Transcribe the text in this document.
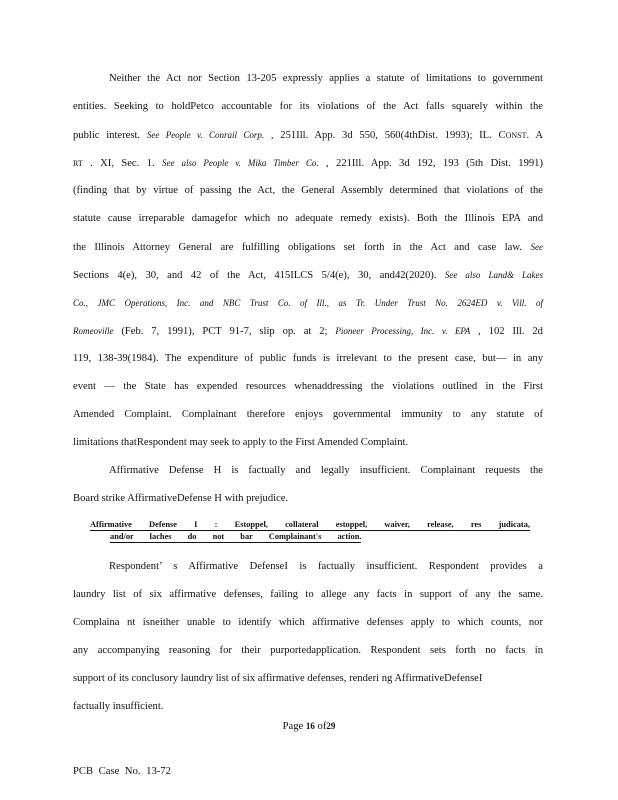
Neither the Act nor Section 13-205 expressly applies a statute of limitations to government
entities. Seeking to holdPetco accountable for its violations of the Act falls squarely within the
public interest. See People v. Conrail Corp. , 251Ill. App. 3d 550, 560(4thDist. 1993); IL. CONST. A
RT . XI, Sec. 1. See also People v. Mika Timber Co. , 221Ill. App. 3d 192, 193 (5th Dist. 1991)
(finding that by virtue of passing the Act, the General Assembly determined that violations of the
statute cause irreparable damagefor which no adequate remedy exists). Both the Illinois EPA and
the Illinois Attorney General are fulfilling obligations set forth in the Act and case law. See
Sections 4(e), 30, and 42 of the Act, 415ILCS 5/4(e), 30, and42(2020). See also Land& Lakes
Co., JMC Operations, Inc. and NBC Trust Co. of Ill., as Tr. Under Trust No. 2624ED v. Vill. of
Romeoville (Feb. 7, 1991), PCT 91-7, slip op. at 2; Pioneer Processing, Inc. v. EPA , 102 Ill. 2d
119, 138-39(1984). The expenditure of public funds is irrelevant to the present case, but— in any
event — the State has expended resources whenaddressing the violations outlined in the First
Amended Complaint. Complainant therefore enjoys governmental immunity to any statute of
limitations thatRespondent may seek to apply to the First Amended Complaint.
Affirmative Defense H is factually and legally insufficient. Complainant requests the
Board strike AffirmativeDefense H with prejudice.
Affirmative Defense I : Estoppel, collateral estoppel, waiver, release, res judicata,
and/or laches do not bar Complainant's action.
Respondent’ s Affirmative DefenseI is factually insufficient. Respondent provides a
laundry list of six affirmative defenses, failing to allege any facts in support of any the same.
Complaina nt isneither unable to identify which affirmative defenses apply to which counts, nor
any accompanying reasoning for their purportedapplication. Respondent sets forth no facts in
support of its conclusory laundry list of six affirmative defenses, renderi ng AffirmativeDefenseI
factually insufficient.
Page 16 of29
PCB Case No. 13-72
